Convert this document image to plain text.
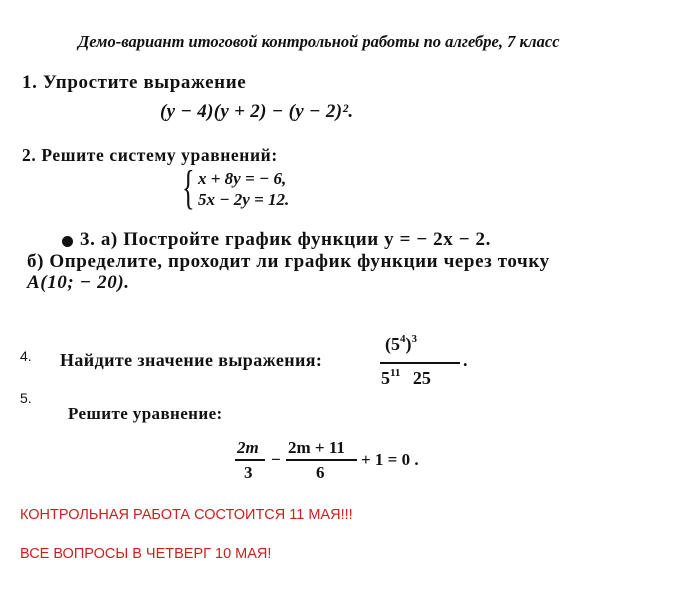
Демо-вариант итоговой контрольной работы по алгебре, 7 класс
1. Упростите выражение
(y − 4)(y + 2) − (y − 2)².
2. Решите систему уравнений:
{ x + 8y = − 6,
5x − 2y = 12.
3. а) Постройте график функции y = − 2x − 2.
б) Определите, проходит ли график функции через точку
A(10; − 20).
4. Найдите значение выражения:
$(5^4)^3$
$5^{11}$ 25
.
5.
Решите уравнение:
2m
3
−
2m + 11
6
+ 1 = 0 .
КОНТРОЛЬНАЯ РАБОТА СОСТОИТСЯ 11 МАЯ!!!
ВСЕ ВОПРОСЫ В ЧЕТВЕРГ 10 МАЯ!
